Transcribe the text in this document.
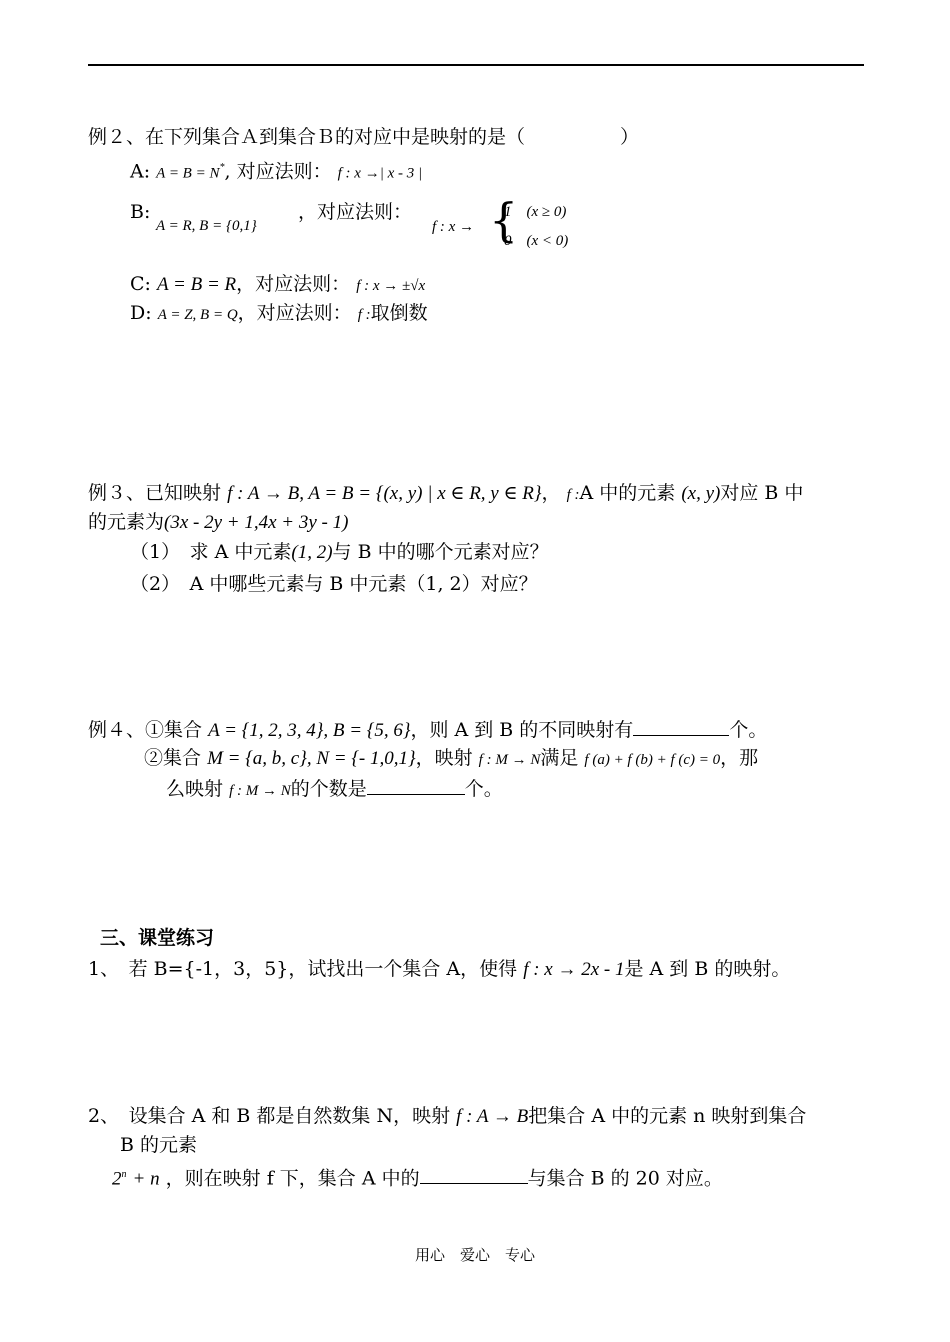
例２、在下列集合Ａ到集合Ｂ的对应中是映射的是（　　　　　）
A: A = B = N*, 对应法则： f : x →| x - 3 |
B:
A = R, B = {0,1}
，对应法则：
f : x → {
1　(x ≥ 0)
0　(x < 0)
C: A = B = R，对应法则： f : x → ±√x
D: A = Z, B = Q，对应法则： f :取倒数
例３、已知映射 f : A → B, A = B = {(x, y) | x ∈ R, y ∈ R}， f :A 中的元素 (x, y)对应 B 中
的元素为(3x - 2y + 1,4x + 3y - 1)
（1）　求 A 中元素(1, 2)与 B 中的哪个元素对应？
（2）　A 中哪些元素与 B 中元素（1, 2）对应？
例４、①集合 A = {1, 2, 3, 4}, B = {5, 6}，则 A 到 B 的不同映射有	个。
②集合 M = {a, b, c}, N = {- 1,0,1}，映射 f : M → N满足 f (a) + f (b) + f (c) = 0，那
么映射 f : M → N的个数是	个。
三、课堂练习
1、　若 B={-1，3，5}，试找出一个集合 A，使得 f : x → 2x - 1是 A 到 B 的映射。
2、　设集合 A 和 B 都是自然数集 N，映射 f : A → B把集合 A 中的元素 n 映射到集合
B 的元素
$2^n + n$ ，则在映射 f 下，集合 A 中的	与集合 B 的 20 对应。
用心　爱心　专心
